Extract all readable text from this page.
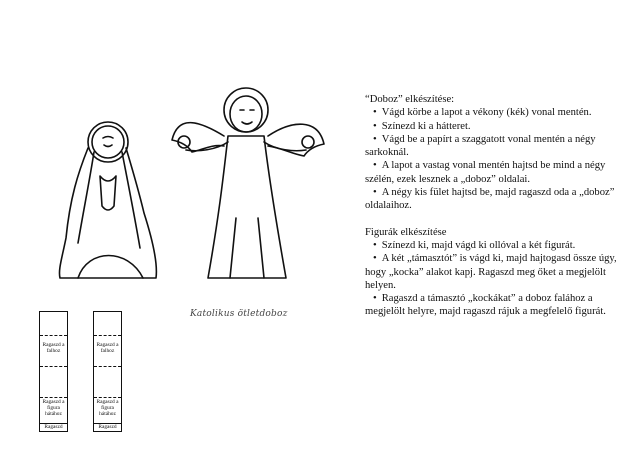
Katolikus ötletdoboz
Ragaszd a falhoz
Ragaszd a figura hátához
Ragaszd
Ragaszd a falhoz
Ragaszd a figura hátához
Ragaszd
“Doboz” elkészítése:
• Vágd körbe a lapot a vékony (kék) vonal mentén.
• Színezd ki a hátteret.
• Vágd be a papírt a szaggatott vonal mentén a négy sarkoknál.
• A lapot a vastag vonal mentén hajtsd be mind a négy szélén, ezek lesznek a „doboz” oldalai.
• A négy kis fület hajtsd be, majd ragaszd oda a „doboz” oldalaihoz.
Figurák elkészítése
• Színezd ki, majd vágd ki ollóval a két figurát.
• A két „támasztót” is vágd ki, majd hajtogasd össze úgy, hogy „kocka” alakot kapj. Ragaszd meg őket a megjelölt helyen.
• Ragaszd a támasztó „kockákat” a doboz falához a megjelölt helyre, majd ragaszd rájuk a megfelelő figurát.
